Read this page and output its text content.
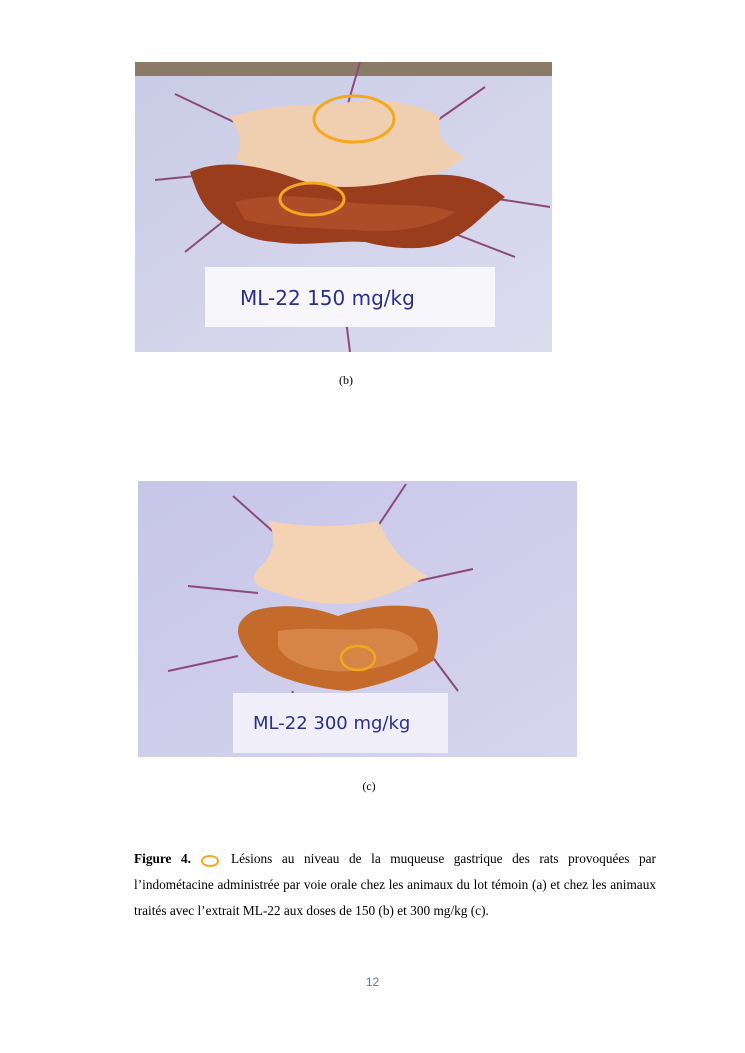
ML-22 150 mg/kg
(b)
ML-22 300 mg/kg
(c)
Figure 4.	Lésions au niveau de la muqueuse gastrique des rats provoquées par l’indométacine administrée par voie orale chez les animaux du lot témoin (a) et chez les animaux traités avec l’extrait ML-22 aux doses de 150 (b) et 300 mg/kg (c).
12
